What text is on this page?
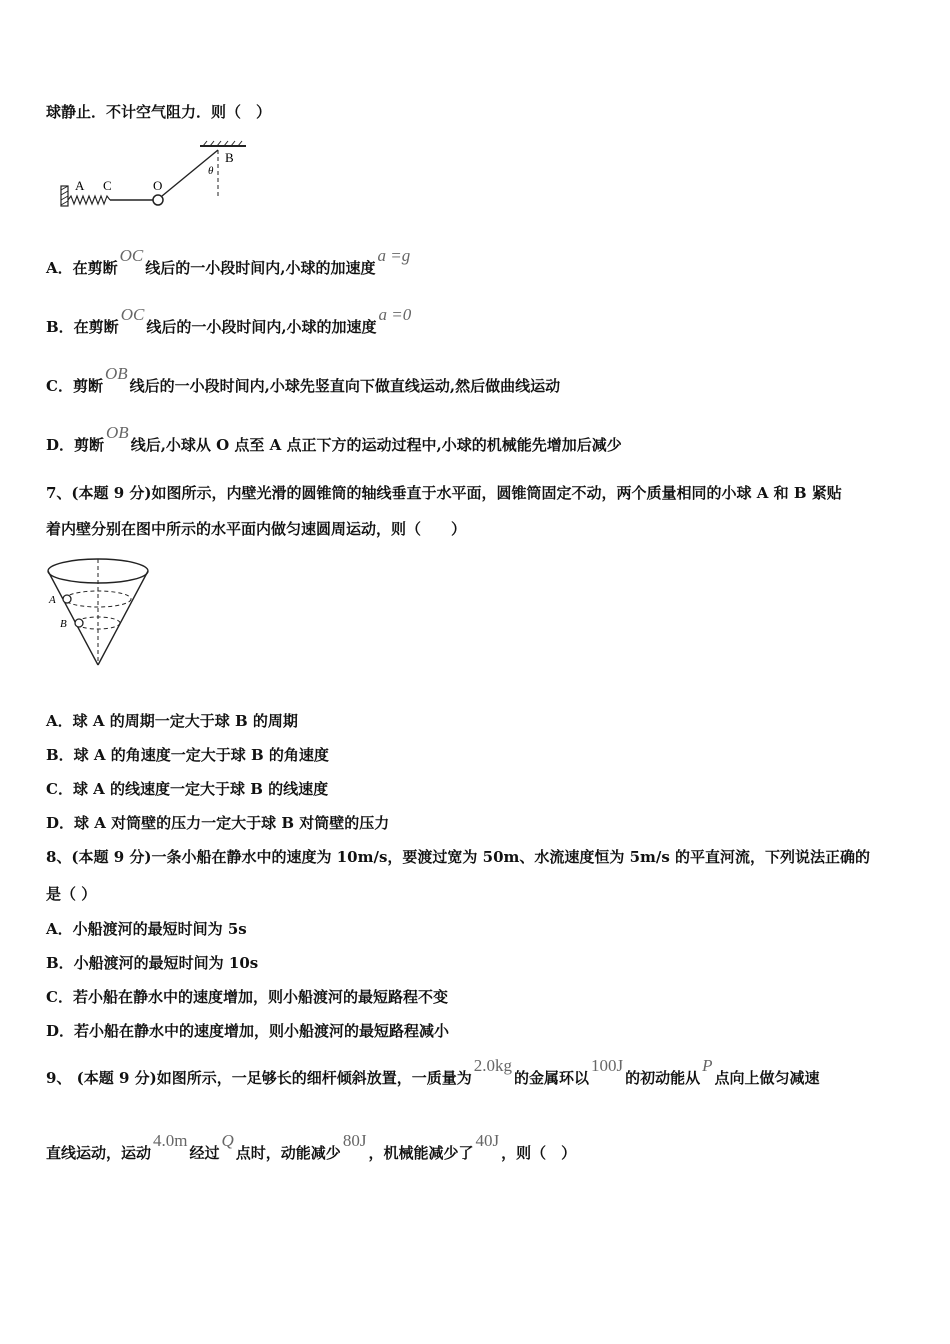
球静止．不计空气阻力．则（　）
A C	O
B
θ
A．在剪断OC线后的一小段时间内,小球的加速度a =g
B．在剪断OC线后的一小段时间内,小球的加速度a =0
C．剪断OB线后的一小段时间内,小球先竖直向下做直线运动,然后做曲线运动
D．剪断OB线后,小球从 O 点至 A 点正下方的运动过程中,小球的机械能先增加后减少
7、(本题 9 分)如图所示，内壁光滑的圆锥筒的轴线垂直于水平面，圆锥筒固定不动，两个质量相同的小球 A 和 B 紧贴
着内壁分别在图中所示的水平面内做匀速圆周运动，则（　　）
A
B
A．球 A 的周期一定大于球 B 的周期
B．球 A 的角速度一定大于球 B 的角速度
C．球 A 的线速度一定大于球 B 的线速度
D．球 A 对筒壁的压力一定大于球 B 对筒壁的压力
8、(本题 9 分)一条小船在静水中的速度为 10m/s，要渡过宽为 50m、水流速度恒为 5m/s 的平直河流，下列说法正确的
是（ ）
A．小船渡河的最短时间为 5s
B．小船渡河的最短时间为 10s
C．若小船在静水中的速度增加，则小船渡河的最短路程不变
D．若小船在静水中的速度增加，则小船渡河的最短路程减小
9、 (本题 9 分)如图所示，一足够长的细杆倾斜放置，一质量为2.0kg的金属环以100J的初动能从P点向上做匀减速
直线运动，运动4.0m经过Q点时，动能减少80J，机械能减少了40J，则（　）
